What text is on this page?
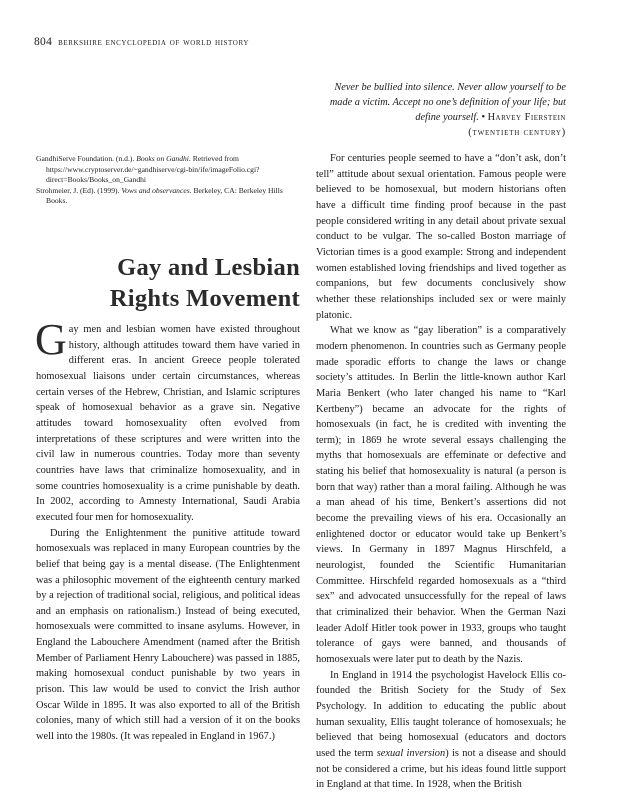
804 berkshire encyclopedia of world history
Never be bullied into silence. Never allow yourself to be made a victim. Accept no one’s definition of your life; but define yourself. • Harvey Fierstein
(twentieth century)

GandhiServe Foundation. (n.d.). Books on Gandhi. Retrieved from https://www.cryptoserver.de/~gandhiserve/cgi-bin/ife/imageFolio.cgi?direct=Books/Books_on_Gandhi

Strohmeier, J. (Ed). (1999). Vows and observances. Berkeley, CA: Berkeley Hills Books.

Gay and Lesbian
Rights Movement

Gay men and lesbian women have existed throughout history, although attitudes toward them have varied in different eras. In ancient Greece people tolerated homosexual liaisons under certain circumstances, whereas certain verses of the Hebrew, Christian, and Islamic scriptures speak of homosexual behavior as a grave sin. Negative attitudes toward homosexuality often evolved from interpretations of these scriptures and were written into the civil law in numerous countries. Today more than seventy countries have laws that criminalize homosexuality, and in some countries homosexuality is a crime punishable by death. In 2002, according to Amnesty International, Saudi Arabia executed four men for homosexuality.

During the Enlightenment the punitive attitude toward homosexuals was replaced in many European countries by the belief that being gay is a mental disease. (The Enlightenment was a philosophic movement of the eighteenth century marked by a rejection of traditional social, religious, and political ideas and an emphasis on rationalism.) Instead of being executed, homosexuals were committed to insane asylums. However, in England the Labouchere Amendment (named after the British Member of Parliament Henry Labouchere) was passed in 1885, making homosexual conduct punishable by two years in prison. This law would be used to convict the Irish author Oscar Wilde in 1895. It was also exported to all of the British colonies, many of which still had a version of it on the books well into the 1980s. (It was repealed in England in 1967.)

For centuries people seemed to have a “don’t ask, don’t tell” attitude about sexual orientation. Famous people were believed to be homosexual, but modern historians often have a difficult time finding proof because in the past people considered writing in any detail about private sexual conduct to be vulgar. The so-called Boston marriage of Victorian times is a good example: Strong and independent women established loving friendships and lived together as companions, but few documents conclusively show whether these relationships included sex or were mainly platonic.

What we know as “gay liberation” is a comparatively modern phenomenon. In countries such as Germany people made sporadic efforts to change the laws or change society’s attitudes. In Berlin the little-known author Karl Maria Benkert (who later changed his name to “Karl Kertbeny”) became an advocate for the rights of homosexuals (in fact, he is credited with inventing the term); in 1869 he wrote several essays challenging the myths that homosexuals are effeminate or defective and stating his belief that homosexuality is natural (a person is born that way) rather than a moral failing. Although he was a man ahead of his time, Benkert’s assertions did not become the prevailing views of his era. Occasionally an enlightened doctor or educator would take up Benkert’s views. In Germany in 1897 Magnus Hirschfeld, a neurologist, founded the Scientific Humanitarian Committee. Hirschfeld regarded homosexuals as a “third sex” and advocated unsuccessfully for the repeal of laws that criminalized their behavior. When the German Nazi leader Adolf Hitler took power in 1933, groups who taught tolerance of gays were banned, and thousands of homosexuals were later put to death by the Nazis.

In England in 1914 the psychologist Havelock Ellis co-founded the British Society for the Study of Sex Psychology. In addition to educating the public about human sexuality, Ellis taught tolerance of homosexuals; he believed that being homosexual (educators and doctors used the term sexual inversion) is not a disease and should not be considered a crime, but his ideas found little support in England at that time. In 1928, when the British
